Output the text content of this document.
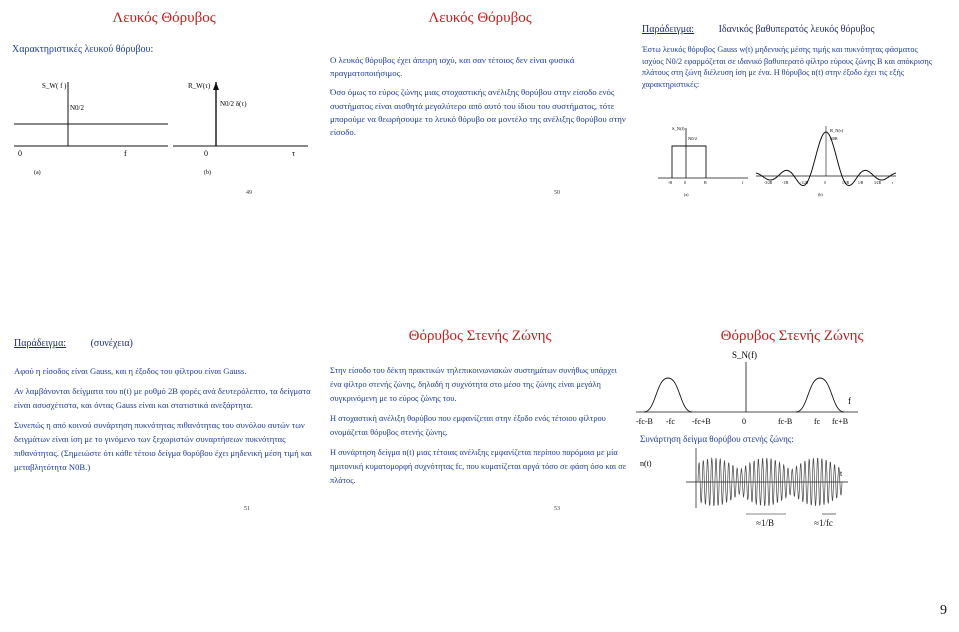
Λευκός Θόρυβος
Χαρακτηριστικές λευκού θόρυβου:
S_W( f )
N0/2
0	f
R_W(τ)
N0/2 δ(τ)
0	τ
(a)	(b)
49
Λευκός Θόρυβος

Ο λευκός θόρυβος έχει άπειρη ισχύ, και σαν τέτοιος δεν είναι φυσικά πραγματοποιήσιμος.

Όσο όμως το εύρος ζώνης μιας στοχαστικής ανέλιξης θορύβου στην είσοδο ενός συστήματος είναι αισθητά μεγαλύτερο από αυτό του ίδιου του συστήματος, τότε μπορούμε να θεωρήσουμε το λευκό θόρυβο σα μοντέλο της ανέλιξης θορύβου στην είσοδο.

50
Παράδειγμα: Ιδανικός βαθυπερατός λευκός θόρυβος
Έστω λευκός θόρυβος Gauss w(t) μηδενικής μέσης τιμής και πυκνότητας φάσματος ισχύος N0/2 εφαρμόζεται σε ιδανικό βαθυπερατό φίλτρο εύρους ζώνης B και απόκρισης πλάτους στη ζώνη διέλευση ίση με ένα. Η θόρυβος n(t) στην έξοδο έχει τις εξής χαρακτηριστικές:
S_N(f)
N0/2
-B	0	B	f
R_N(τ)
N0B
-3/2B	-1/B	-1/2B	0	1/2B	1/B	3/2B	τ
(a)	(b)
Παράδειγμα: (συνέχεια)

Αφού η είσοδος είναι Gauss, και η έξοδος του φίλτρου είναι Gauss.

Αν λαμβάνονται δείγματα του n(t) με ρυθμό 2B φορές ανά δευτερόλεπτο, τα δείγματα είναι ασυσχέτιστα, και όντας Gauss είναι και στατιστικά ανεξάρτητα.

Συνεπώς η από κοινού συνάρτηση πυκνότητας πιθανότητας του συνόλου αυτών των δειγμάτων είναι ίση με το γινόμενο των ξεχωριστών συναρτήσεων πυκνότητας πιθανότητας. (Σημειώστε ότι κάθε τέτοιο δείγμα θορύβου έχει μηδενική μέση τιμή και μεταβλητότητα N0B.)

51
Θόρυβος Στενής Ζώνης

Στην είσοδο του δέκτη πρακτικών τηλεπικοινωνιακών συστημάτων συνήθως υπάρχει ένα φίλτρο στενής ζώνης, δηλαδή η συχνότητα στο μέσο της ζώνης είναι μεγάλη συγκρινόμενη με το εύρος ζώνης του.

Η στοχαστική ανέλιξη θορύβου που εμφανίζεται στην έξοδο ενός τέτοιου φίλτρου ονομάζεται θόρυβος στενής ζώνης.

Η συνάρτηση δείγμα n(t) μιας τέτοιας ανέλιξης εμφανίζεται περίπου παρόμοια με μία ημιτονική κυματομορφή συχνότητας fc, που κυματίζεται αργά τόσο σε φάση όσο και σε πλάτος.

53
Θόρυβος Στενής Ζώνης
S_N(f)
f
-fc-B -fc -fc+B	0	fc-B	fc fc+B
Συνάρτηση δείγμα θορύβου στενής ζώνης:
n(t)
t
≈1/B	≈1/fc
9
